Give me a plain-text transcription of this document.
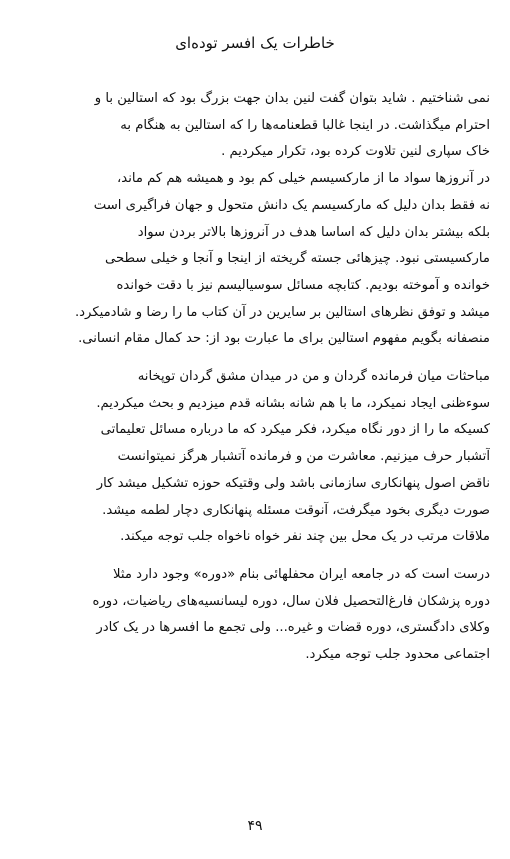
خاطرات یک افسر توده‌ای
نمی شناختیم . شاید بتوان گفت لنین بدان جهت بزرگ بود که استالین با و
احترام میگذاشت. در اینجا غالبا قطعنامه‌ها را که استالین به هنگام به
خاک سپاری لنین تلاوت کرده بود، تکرار میکردیم .
در آنروزها سواد ما از مارکسیسم خیلی کم بود و همیشه هم کم ماند،
نه فقط بدان دلیل که مارکسیسم یک دانش متحول و جهان فراگیری است
بلکه بیشتر بدان دلیل که اساسا هدف در آنروزها بالاتر بردن سواد
مارکسیستی نبود. چیزهائی جسته گریخته از اینجا و آنجا و خیلی سطحی
خوانده و آموخته بودیم. کتابچه مسائل سوسیالیسم نیز با دقت خوانده
میشد و توفق نظرهای استالین بر سایرین در آن کتاب ما را رضا و شادمیکرد.
منصفانه بگویم مفهوم استالین برای ما عبارت بود از: حد کمال مقام انسانی.
مباحثات میان فرمانده گردان و من در میدان مشق گردان توپخانه
سوءظنی ایجاد نمیکرد، ما با هم شانه بشانه قدم میزدیم و بحث میکردیم.
کسیکه ما را از دور نگاه میکرد، فکر میکرد که ما درباره مسائل تعلیماتی
آتشبار حرف میزنیم. معاشرت من و فرمانده آتشبار هرگز نمیتوانست
ناقض اصول پنهانکاری سازمانی باشد ولی وقتیکه حوزه تشکیل میشد کار
صورت دیگری بخود میگرفت، آنوقت مسئله پنهانکاری دچار لطمه میشد.
ملاقات مرتب در یک محل بین چند نفر خواه ناخواه جلب توجه میکند.
درست است که در جامعه ایران محفلهائی بنام «دوره» وجود دارد مثلا
دوره پزشکان فارغ‌التحصیل فلان سال، دوره لیسانسیه‌های ریاضیات، دوره
وکلای دادگستری، دوره قضات و غیره... ولی تجمع ما افسرها در یک کادر
اجتماعی محدود جلب توجه میکرد.
۴۹
